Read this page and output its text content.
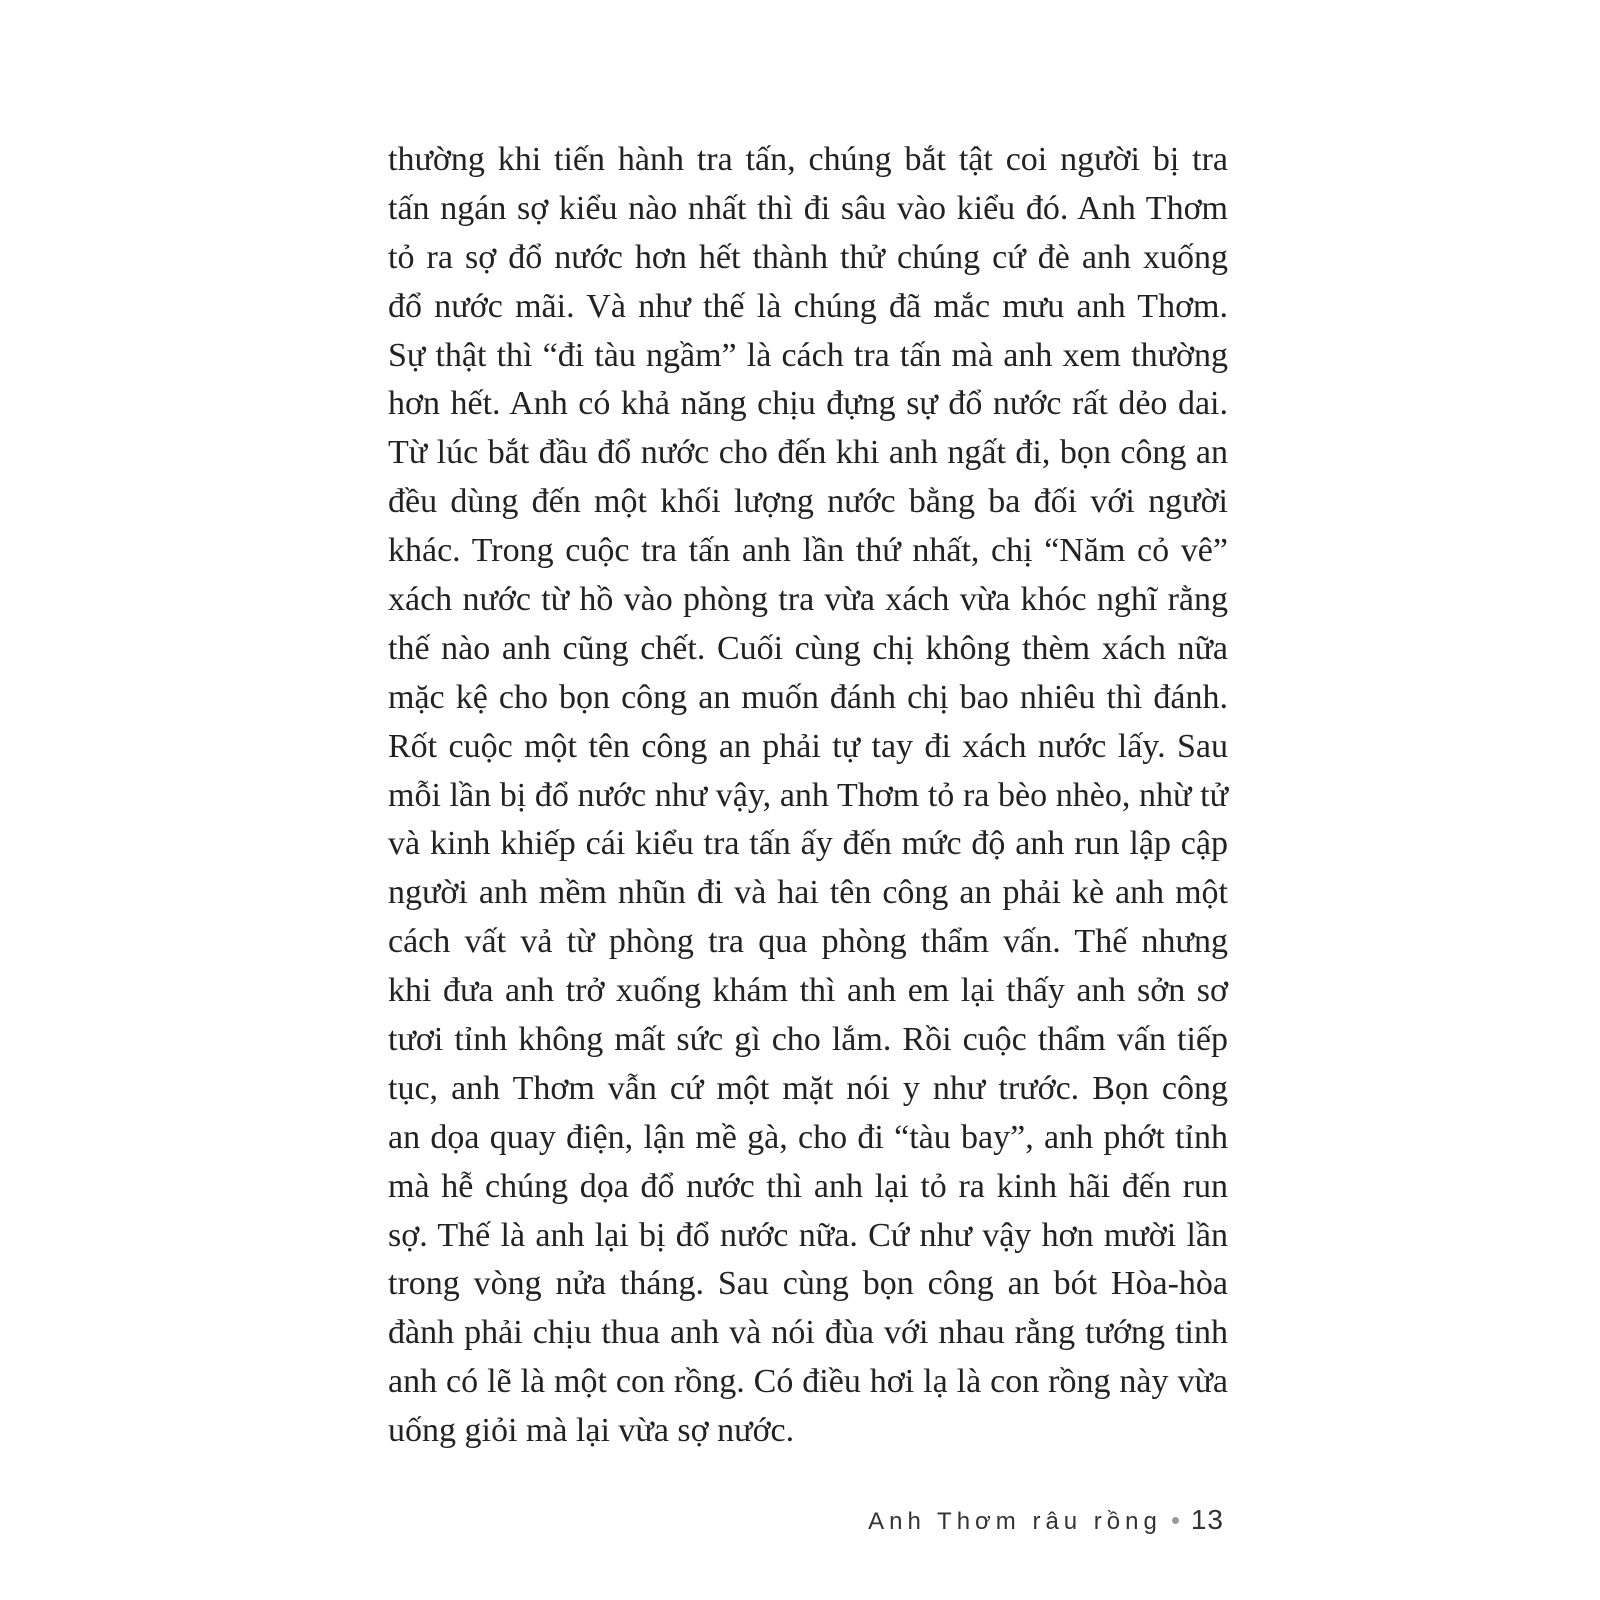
thường khi tiến hành tra tấn, chúng bắt tật coi người bị tra
tấn ngán sợ kiểu nào nhất thì đi sâu vào kiểu đó. Anh Thơm
tỏ ra sợ đổ nước hơn hết thành thử chúng cứ đè anh xuống
đổ nước mãi. Và như thế là chúng đã mắc mưu anh Thơm.
Sự thật thì “đi tàu ngầm” là cách tra tấn mà anh xem thường
hơn hết. Anh có khả năng chịu đựng sự đổ nước rất dẻo dai.
Từ lúc bắt đầu đổ nước cho đến khi anh ngất đi, bọn công an
đều dùng đến một khối lượng nước bằng ba đối với người
khác. Trong cuộc tra tấn anh lần thứ nhất, chị “Năm cỏ vê”
xách nước từ hồ vào phòng tra vừa xách vừa khóc nghĩ rằng
thế nào anh cũng chết. Cuối cùng chị không thèm xách nữa
mặc kệ cho bọn công an muốn đánh chị bao nhiêu thì đánh.
Rốt cuộc một tên công an phải tự tay đi xách nước lấy. Sau
mỗi lần bị đổ nước như vậy, anh Thơm tỏ ra bèo nhèo, nhừ tử
và kinh khiếp cái kiểu tra tấn ấy đến mức độ anh run lập cập
người anh mềm nhũn đi và hai tên công an phải kè anh một
cách vất vả từ phòng tra qua phòng thẩm vấn. Thế nhưng
khi đưa anh trở xuống khám thì anh em lại thấy anh sởn sơ
tươi tỉnh không mất sức gì cho lắm. Rồi cuộc thẩm vấn tiếp
tục, anh Thơm vẫn cứ một mặt nói y như trước. Bọn công
an dọa quay điện, lận mề gà, cho đi “tàu bay”, anh phớt tỉnh
mà hễ chúng dọa đổ nước thì anh lại tỏ ra kinh hãi đến run
sợ. Thế là anh lại bị đổ nước nữa. Cứ như vậy hơn mười lần
trong vòng nửa tháng. Sau cùng bọn công an bót Hòa-hòa
đành phải chịu thua anh và nói đùa với nhau rằng tướng tinh
anh có lẽ là một con rồng. Có điều hơi lạ là con rồng này vừa
uống giỏi mà lại vừa sợ nước.
Anh Thơm râu rồng 13
